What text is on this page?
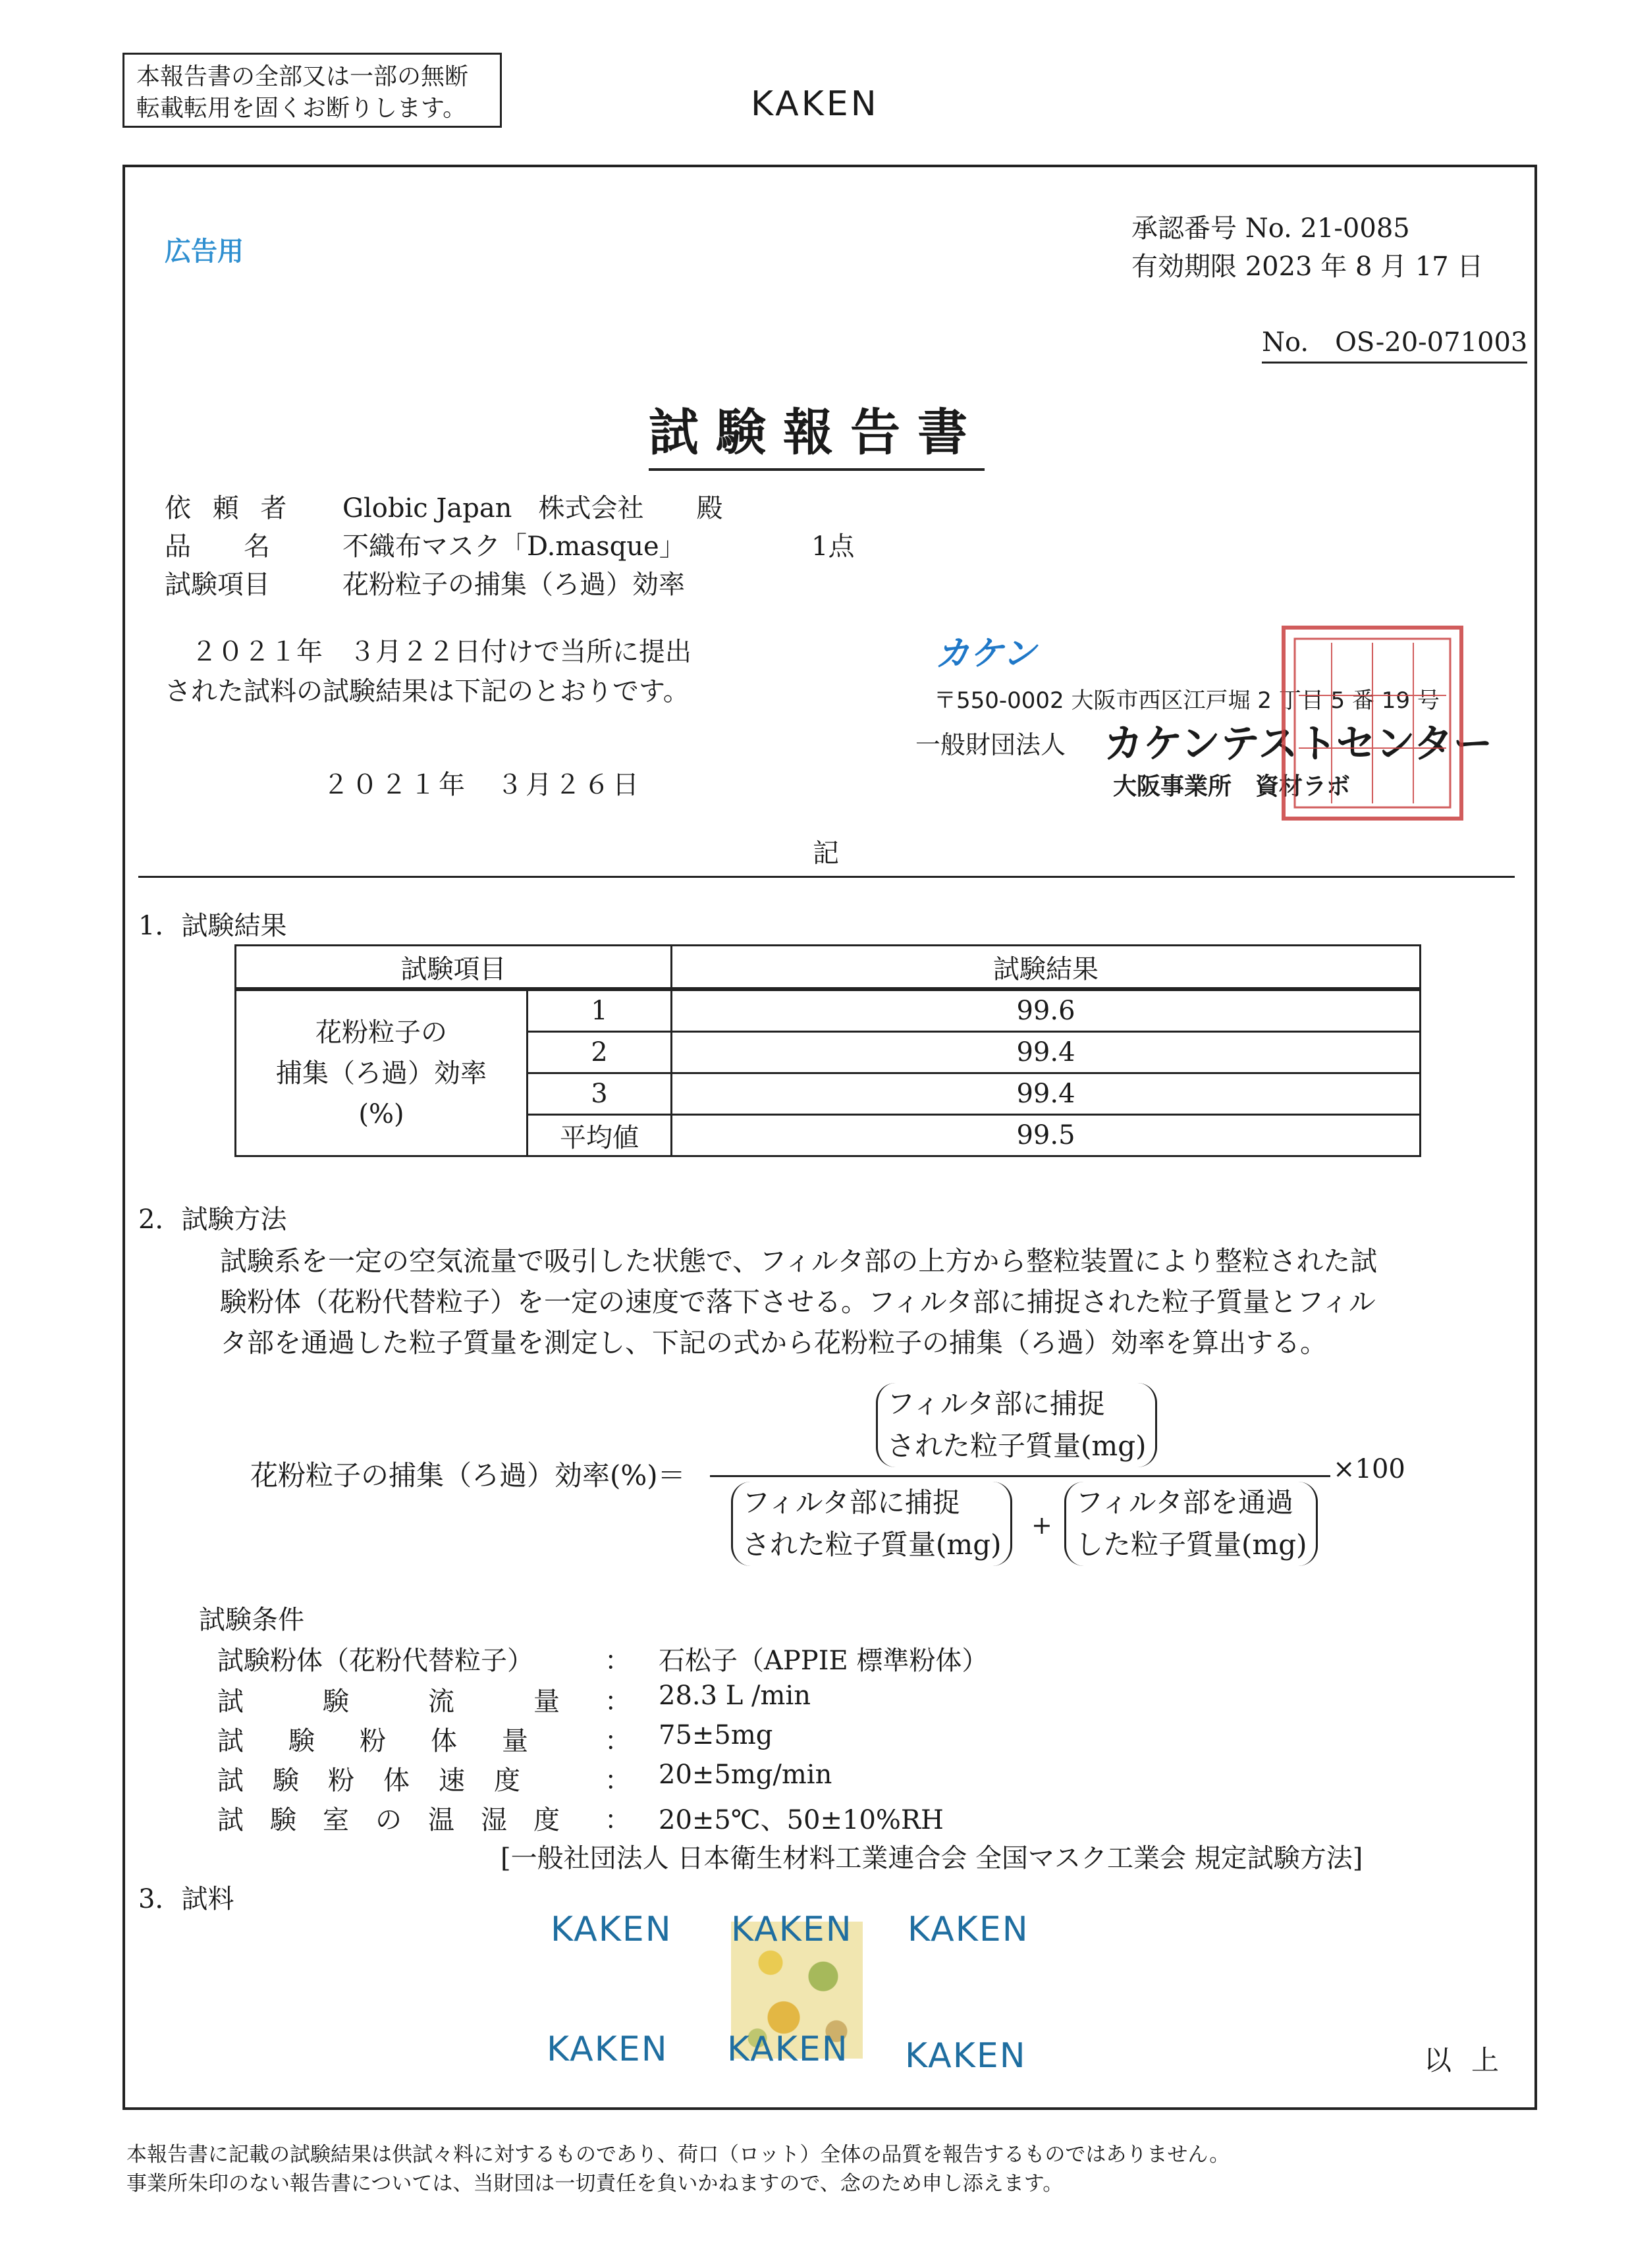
本報告書の全部又は一部の無断
転載転用を固くお断りします。	KAKEN
広告用
承認番号 No. 21-0085
有効期限 2023 年 8 月 17 日
No.　OS-20-071003
試験報告書
依 頼 者 Globic Japan　株式会社　　殿
品　　名	不織布マスク「D.masque」	1点
試験項目	花粉粒子の捕集（ろ過）効率
２０２１年　３月２２日付けで当所に提出
された試料の試験結果は下記のとおりです。
２０２１年　３月２６日
カケン
〒550-0002 大阪市西区江戸堀 2 丁目 5 番 19 号
一般財団法人 カケンテストセンター
大阪事業所　資材ラボ
記
1．試験結果
試験項目		試験結果

花粉粒子の
捕集（ろ過）効率
(%)	1	99.6
	2	99.4
	3	99.4
	平均値	99.5
2．試験方法
試験系を一定の空気流量で吸引した状態で、フィルタ部の上方から整粒装置により整粒された試
験粉体（花粉代替粒子）を一定の速度で落下させる。フィルタ部に捕捉された粒子質量とフィル
タ部を通過した粒子質量を測定し、下記の式から花粉粒子の捕集（ろ過）効率を算出する。
花粉粒子の捕集（ろ過）効率(%)＝
フィルタ部に捕捉
された粒子質量(mg)
フィルタ部に捕捉
された粒子質量(mg)
+
フィルタ部を通過
した粒子質量(mg)
×100
試験条件
試験粉体（花粉代替粒子）	： 石松子（APPIE 標準粉体）
試　験　流　量 ： 28.3 L /min
試　験　粉　体　量	： 75±5mg
試　験　粉　体　速　度	： 20±5mg/min
試　験　室　の　温　湿　度 ： 20±5℃、50±10%RH
[一般社団法人 日本衛生材料工業連合会 全国マスク工業会 規定試験方法]
3．試料
KAKEN KAKEN KAKEN
KAKEN KAKEN KAKEN	以上
本報告書に記載の試験結果は供試々料に対するものであり、荷口（ロット）全体の品質を報告するものではありません。
事業所朱印のない報告書については、当財団は一切責任を負いかねますので、念のため申し添えます。
